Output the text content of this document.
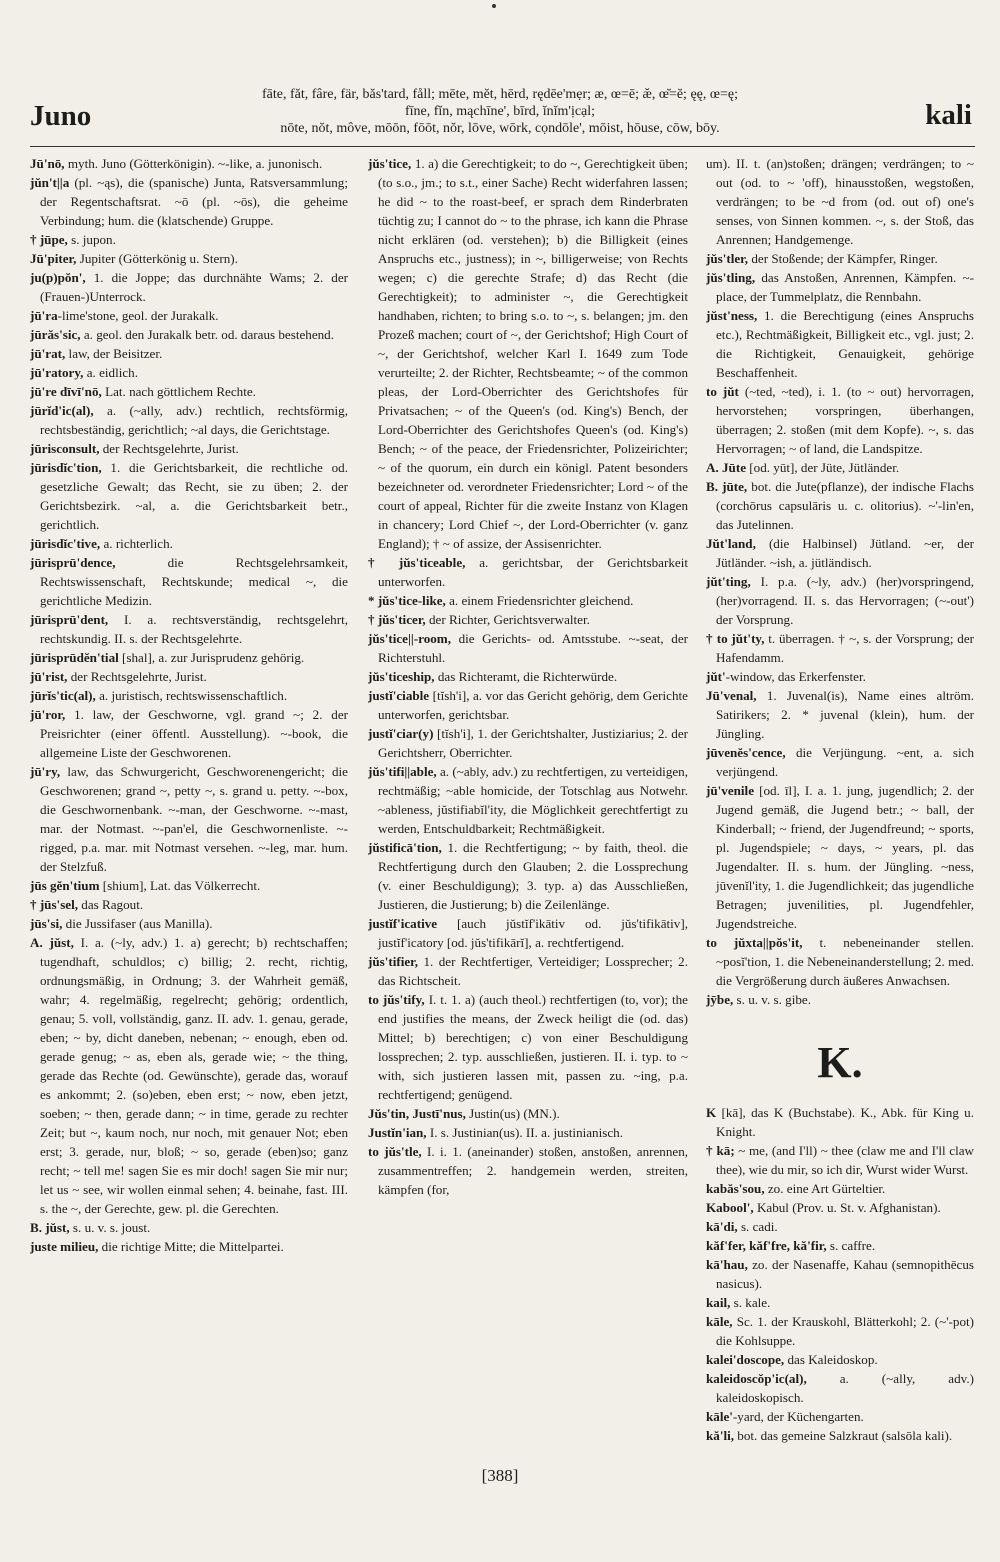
Juno
fāte, făt, fâre, fär, băs'tard, fåll; mēte, mĕt, hērd, rędēe'mẹr; æ, œ=ē; æ̆, œ̆=ĕ; ęę, œ=ę;
fīne, fĭn, mąchīne', bīrd, ĭnĭm'ịcạl;
nōte, nŏt, môve, mōōn, fōōt, nŏr, lōve, wōrk, cọndōle', mōist, hōuse, cōw, bōy.	kali

Jū'nō, myth. Juno (Götterkönigin). ~-like, a. junonisch.

jŭn't||a (pl. ~ąs), die (spanische) Junta, Ratsversammlung; der Regentschaftsrat. ~ō (pl. ~ōs), die geheime Verbindung; hum. die (klatschende) Gruppe.

† jūpe, s. jupon.

Jū'piter, Jupiter (Götterkönig u. Stern).

ju(p)pŏn', 1. die Joppe; das durchnähte Wams; 2. der (Frauen-)Unterrock.

jū'ra-lime'stone, geol. der Jurakalk.

jūrăs'sic, a. geol. den Jurakalk betr. od. daraus bestehend.

jū'rat, law, der Beisitzer.

jū'ratory, a. eidlich.

jū're dīvī'nō, Lat. nach göttlichem Rechte.

jūrĭd'ic(al), a. (~ally, adv.) rechtlich, rechtsförmig, rechtsbeständig, gerichtlich; ~al days, die Gerichtstage.

jūrisconsult, der Rechtsgelehrte, Jurist.

jūrisdĭc'tion, 1. die Gerichtsbarkeit, die rechtliche od. gesetzliche Gewalt; das Recht, sie zu üben; 2. der Gerichtsbezirk. ~al, a. die Gerichtsbarkeit betr., gerichtlich.

jūrisdĭc'tive, a. richterlich.

jūrisprū'dence, die Rechtsgelehrsamkeit, Rechtswissenschaft, Rechtskunde; medical ~, die gerichtliche Medizin.

jūrisprū'dent, I. a. rechtsverständig, rechtsgelehrt, rechtskundig. II. s. der Rechtsgelehrte.

jūrisprūdĕn'tial [shal], a. zur Jurisprudenz gehörig.

jū'rist, der Rechtsgelehrte, Jurist.

jūrĭs'tic(al), a. juristisch, rechtswissenschaftlich.

jū'ror, 1. law, der Geschworne, vgl. grand ~; 2. der Preisrichter (einer öffentl. Ausstellung). ~-book, die allgemeine Liste der Geschworenen.

jū'ry, law, das Schwurgericht, Geschworenengericht; die Geschworenen; grand ~, petty ~, s. grand u. petty. ~-box, die Geschwornenbank. ~-man, der Geschworne. ~-mast, mar. der Notmast. ~-pan'el, die Geschwornenliste. ~-rigged, p.a. mar. mit Notmast versehen. ~-leg, mar. hum. der Stelzfuß.

jūs gĕn'tium [shium], Lat. das Völkerrecht.

† jūs'sel, das Ragout.

jūs'si, die Jussifaser (aus Manilla).

A. jŭst, I. a. (~ly, adv.) 1. a) gerecht; b) rechtschaffen; tugendhaft, schuldlos; c) billig; 2. recht, richtig, ordnungsmäßig, in Ordnung; 3. der Wahrheit gemäß, wahr; 4. regelmäßig, regelrecht; gehörig; ordentlich, genau; 5. voll, vollständig, ganz. II. adv. 1. genau, gerade, eben; ~ by, dicht daneben, nebenan; ~ enough, eben od. gerade genug; ~ as, eben als, gerade wie; ~ the thing, gerade das Rechte (od. Gewünschte), gerade das, worauf es ankommt; 2. (so)eben, eben erst; ~ now, eben jetzt, soeben; ~ then, gerade dann; ~ in time, gerade zu rechter Zeit; but ~, kaum noch, nur noch, mit genauer Not; eben erst; 3. gerade, nur, bloß; ~ so, gerade (eben)so; ganz recht; ~ tell me! sagen Sie es mir doch! sagen Sie mir nur; let us ~ see, wir wollen einmal sehen; 4. beinahe, fast. III. s. the ~, der Gerechte, gew. pl. die Gerechten.

B. jŭst, s. u. v. s. joust.

juste milieu, die richtige Mitte; die Mittelpartei.

jŭs'tice, 1. a) die Gerechtigkeit; to do ~, Gerechtigkeit üben; (to s.o., jm.; to s.t., einer Sache) Recht widerfahren lassen; he did ~ to the roast-beef, er sprach dem Rinderbraten tüchtig zu; I cannot do ~ to the phrase, ich kann die Phrase nicht erklären (od. verstehen); b) die Billigkeit (eines Anspruchs etc., justness); in ~, billigerweise; von Rechts wegen; c) die gerechte Strafe; d) das Recht (die Gerechtigkeit); to administer ~, die Gerechtigkeit handhaben, richten; to bring s.o. to ~, s. belangen; jm. den Prozeß machen; court of ~, der Gerichtshof; High Court of ~, der Gerichtshof, welcher Karl I. 1649 zum Tode verurteilte; 2. der Richter, Rechtsbeamte; ~ of the common pleas, der Lord-Oberrichter des Gerichtshofes für Privatsachen; ~ of the Queen's (od. King's) Bench, der Lord-Oberrichter des Gerichtshofes Queen's (od. King's) Bench; ~ of the peace, der Friedensrichter, Polizeirichter; ~ of the quorum, ein durch ein königl. Patent besonders bezeichneter od. verordneter Friedensrichter; Lord ~ of the court of appeal, Richter für die zweite Instanz von Klagen in chancery; Lord Chief ~, der Lord-Oberrichter (v. ganz England); † ~ of assize, der Assisenrichter.

† jŭs'ticeable, a. gerichtsbar, der Gerichtsbarkeit unterworfen.

* jŭs'tice-like, a. einem Friedensrichter gleichend.

† jŭs'ticer, der Richter, Gerichtsverwalter.

jŭs'tice||-room, die Gerichts- od. Amtsstube. ~-seat, der Richterstuhl.

jŭs'ticeship, das Richteramt, die Richterwürde.

justĭ'ciable [tĭsh'i], a. vor das Gericht gehörig, dem Gerichte unterworfen, gerichtsbar.

justĭ'ciar(y) [tĭsh'i], 1. der Gerichtshalter, Justiziarius; 2. der Gerichtsherr, Oberrichter.

jŭs'tifi||able, a. (~ably, adv.) zu rechtfertigen, zu verteidigen, rechtmäßig; ~able homicide, der Totschlag aus Notwehr. ~ableness, jŭstifiabĭl'ity, die Möglichkeit gerechtfertigt zu werden, Entschuldbarkeit; Rechtmäßigkeit.

jŭstificā'tion, 1. die Rechtfertigung; ~ by faith, theol. die Rechtfertigung durch den Glauben; 2. die Lossprechung (v. einer Beschuldigung); 3. typ. a) das Ausschließen, Justieren, die Justierung; b) die Zeilenlänge.

justĭf'icative [auch jŭstĭf'ikātiv od. jŭs'tifikātiv], justĭf'icatory [od. jŭs'tifikārĭ], a. rechtfertigend.

jŭs'tifier, 1. der Rechtfertiger, Verteidiger; Lossprecher; 2. das Richtscheit.

to jŭs'tify, I. t. 1. a) (auch theol.) rechtfertigen (to, vor); the end justifies the means, der Zweck heiligt die (od. das) Mittel; b) berechtigen; c) von einer Beschuldigung lossprechen; 2. typ. ausschließen, justieren. II. i. typ. to ~ with, sich justieren lassen mit, passen zu. ~ing, p.a. rechtfertigend; genügend.

Jŭs'tin, Justī'nus, Justin(us) (MN.).

Justĭn'ian, I. s. Justinian(us). II. a. justinianisch.

to jŭs'tle, I. i. 1. (aneinander) stoßen, anstoßen, anrennen, zusammentreffen; 2. handgemein werden, streiten, kämpfen (for,

um). II. t. (an)stoßen; drängen; verdrängen; to ~ out (od. to ~ 'off), hinausstoßen, wegstoßen, verdrängen; to be ~d from (od. out of) one's senses, von Sinnen kommen. ~, s. der Stoß, das Anrennen; Handgemenge.

jŭs'tler, der Stoßende; der Kämpfer, Ringer.

jŭs'tling, das Anstoßen, Anrennen, Kämpfen. ~-place, der Tummelplatz, die Rennbahn.

jŭst'ness, 1. die Berechtigung (eines Anspruchs etc.), Rechtmäßigkeit, Billigkeit etc., vgl. just; 2. die Richtigkeit, Genauigkeit, gehörige Beschaffenheit.

to jŭt (~ted, ~ted), i. 1. (to ~ out) hervorragen, hervorstehen; vorspringen, überhangen, überragen; 2. stoßen (mit dem Kopfe). ~, s. das Hervorragen; ~ of land, die Landspitze.

A. Jūte [od. yūt], der Jüte, Jütländer.

B. jūte, bot. die Jute(pflanze), der indische Flachs (corchōrus capsulāris u. c. olitorius). ~'-lin'en, das Jutelinnen.

Jŭt'land, (die Halbinsel) Jütland. ~er, der Jütländer. ~ish, a. jütländisch.

jŭt'ting, I. p.a. (~ly, adv.) (her)vorspringend, (her)vorragend. II. s. das Hervorragen; (~-out') der Vorsprung.

† to jŭt'ty, t. überragen. † ~, s. der Vorsprung; der Hafendamm.

jŭt'-window, das Erkerfenster.

Jū'venal, 1. Juvenal(is), Name eines altröm. Satirikers; 2. * juvenal (klein), hum. der Jüngling.

jūvenĕs'cence, die Verjüngung. ~ent, a. sich verjüngend.

jū'venile [od. īl], I. a. 1. jung, jugendlich; 2. der Jugend gemäß, die Jugend betr.; ~ ball, der Kinderball; ~ friend, der Jugendfreund; ~ sports, pl. Jugendspiele; ~ days, ~ years, pl. das Jugendalter. II. s. hum. der Jüngling. ~ness, jūvenĭl'ity, 1. die Jugendlichkeit; das jugendliche Betragen; juvenilities, pl. Jugendfehler, Jugendstreiche.

to jŭxta||pŏs'it, t. nebeneinander stellen. ~posĭ'tion, 1. die Nebeneinanderstellung; 2. med. die Vergrößerung durch äußeres Anwachsen.

jȳbe, s. u. v. s. gibe.

K.

K [kā], das K (Buchstabe). K., Abk. für King u. Knight.

† kā; ~ me, (and I'll) ~ thee (claw me and I'll claw thee), wie du mir, so ich dir, Wurst wider Wurst.

kabăs'sou, zo. eine Art Gürteltier.

Kabool', Kabul (Prov. u. St. v. Afghanistan).

kā'di, s. cadi.

kăf'fer, kăf'fre, kă'fir, s. caffre.

kā'hau, zo. der Nasenaffe, Kahau (semnopithēcus nasicus).

kail, s. kale.

kāle, Sc. 1. der Krauskohl, Blätterkohl; 2. (~'-pot) die Kohlsuppe.

kalei'doscope, das Kaleidoskop.

kaleidoscŏp'ic(al), a. (~ally, adv.) kaleidoskopisch.

kāle'-yard, der Küchengarten.

kă'li, bot. das gemeine Salzkraut (salsōla kali).

[388]
